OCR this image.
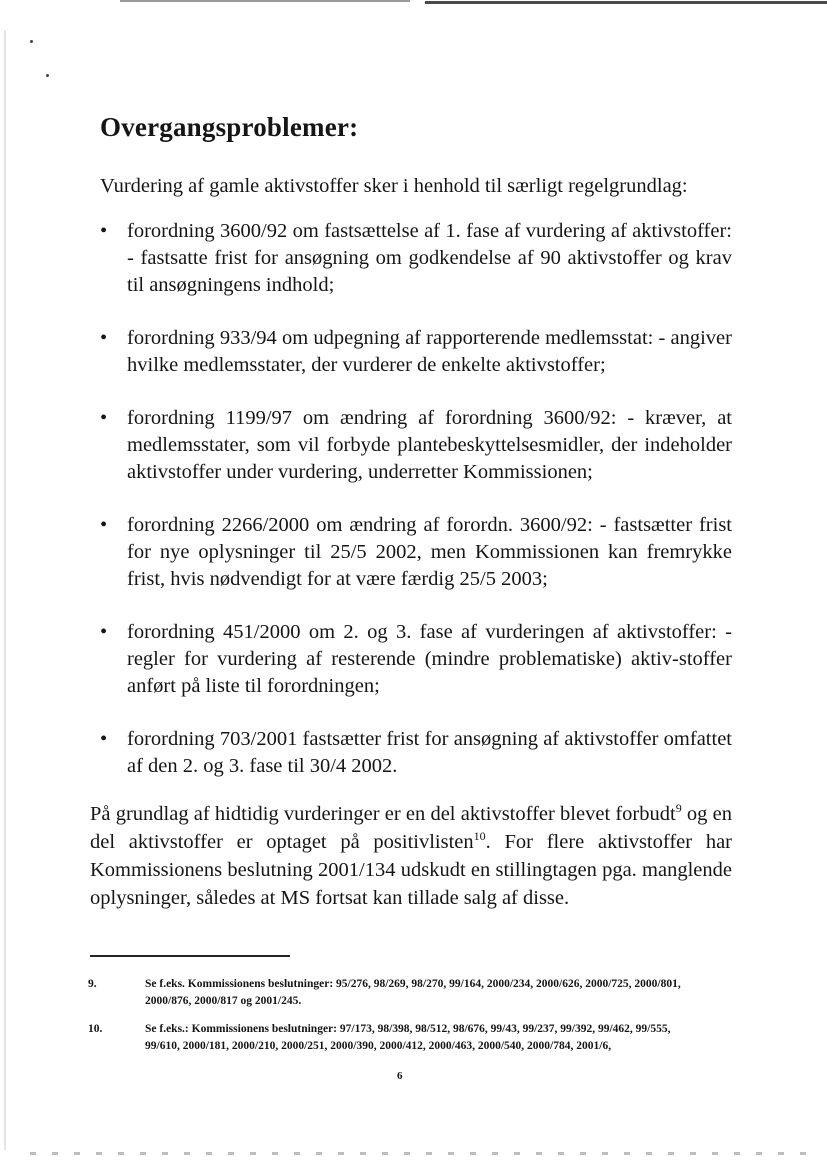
Overgangsproblemer:

Vurdering af gamle aktivstoffer sker i henhold til særligt regelgrundlag:

• forordning 3600/92 om fastsættelse af 1. fase af vurdering af aktivstoffer: - fastsatte frist for ansøgning om godkendelse af 90 aktivstoffer og krav til ansøgningens indhold;
• forordning 933/94 om udpegning af rapporterende medlemsstat: - angiver hvilke medlemsstater, der vurderer de enkelte aktivstoffer;
• forordning 1199/97 om ændring af forordning 3600/92: - kræver, at medlemsstater, som vil forbyde plantebeskyttelsesmidler, der indeholder aktivstoffer under vurdering, underretter Kommissionen;
• forordning 2266/2000 om ændring af forordn. 3600/92: - fastsætter frist for nye oplysninger til 25/5 2002, men Kommissionen kan fremrykke frist, hvis nødvendigt for at være færdig 25/5 2003;
• forordning 451/2000 om 2. og 3. fase af vurderingen af aktivstoffer: - regler for vurdering af resterende (mindre problematiske) aktiv-stoffer anført på liste til forordningen;
• forordning 703/2001 fastsætter frist for ansøgning af aktivstoffer omfattet af den 2. og 3. fase til 30/4 2002.

På grundlag af hidtidig vurderinger er en del aktivstoffer blevet forbudt$^9$ og en del aktivstoffer er optaget på positivlisten$^{10}$. For flere aktivstoffer har Kommissionens beslutning 2001/134 udskudt en stillingtagen pga. manglende oplysninger, således at MS fortsat kan tillade salg af disse.

9.	Se f.eks. Kommissionens beslutninger: 95/276, 98/269, 98/270, 99/164, 2000/234, 2000/626, 2000/725, 2000/801, 2000/876, 2000/817 og 2001/245.
10.	Se f.eks.: Kommissionens beslutninger: 97/173, 98/398, 98/512, 98/676, 99/43, 99/237, 99/392, 99/462, 99/555, 99/610, 2000/181, 2000/210, 2000/251, 2000/390, 2000/412, 2000/463, 2000/540, 2000/784, 2001/6,
6
